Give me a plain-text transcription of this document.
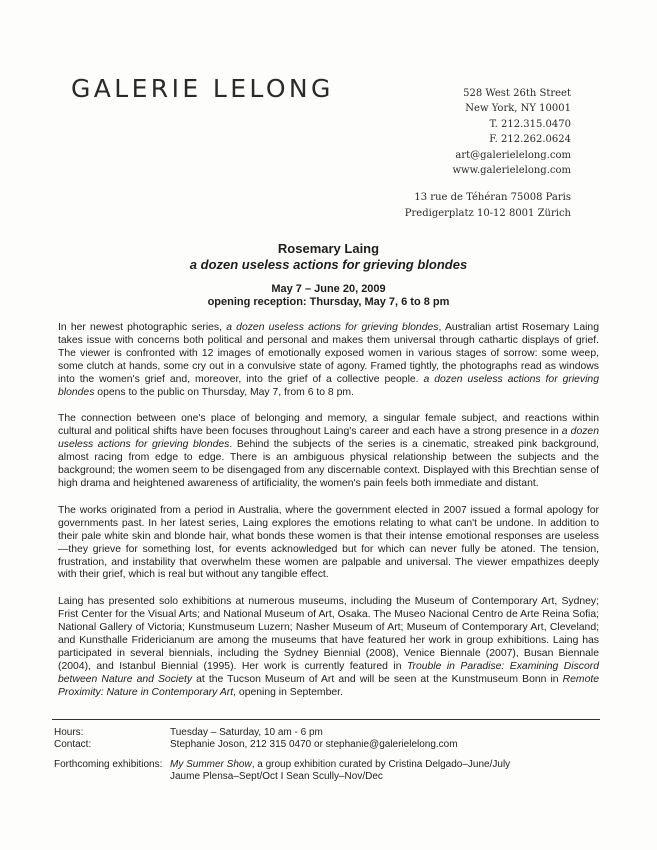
GALERIE LELONG	528 West 26th Street
New York, NY 10001
T. 212.315.0470
F. 212.262.0624
art@galerielelong.com
www.galerielelong.com
13 rue de Téhéran 75008 Paris
Predigerplatz 10-12 8001 Zürich
Rosemary Laing
a dozen useless actions for grieving blondes
May 7 – June 20, 2009
opening reception: Thursday, May 7, 6 to 8 pm

In her newest photographic series, a dozen useless actions for grieving blondes, Australian artist Rosemary Laing takes issue with concerns both political and personal and makes them universal through cathartic displays of grief. The viewer is confronted with 12 images of emotionally exposed women in various stages of sorrow: some weep, some clutch at hands, some cry out in a convulsive state of agony. Framed tightly, the photographs read as windows into the women's grief and, moreover, into the grief of a collective people. a dozen useless actions for grieving blondes opens to the public on Thursday, May 7, from 6 to 8 pm.

The connection between one's place of belonging and memory, a singular female subject, and reactions within cultural and political shifts have been focuses throughout Laing's career and each have a strong presence in a dozen useless actions for grieving blondes. Behind the subjects of the series is a cinematic, streaked pink background, almost racing from edge to edge. There is an ambiguous physical relationship between the subjects and the background; the women seem to be disengaged from any discernable context. Displayed with this Brechtian sense of high drama and heightened awareness of artificiality, the women's pain feels both immediate and distant.

The works originated from a period in Australia, where the government elected in 2007 issued a formal apology for governments past. In her latest series, Laing explores the emotions relating to what can't be undone. In addition to their pale white skin and blonde hair, what bonds these women is that their intense emotional responses are useless—they grieve for something lost, for events acknowledged but for which can never fully be atoned. The tension, frustration, and instability that overwhelm these women are palpable and universal. The viewer empathizes deeply with their grief, which is real but without any tangible effect.

Laing has presented solo exhibitions at numerous museums, including the Museum of Contemporary Art, Sydney; Frist Center for the Visual Arts; and National Museum of Art, Osaka. The Museo Nacional Centro de Arte Reina Sofia; National Gallery of Victoria; Kunstmuseum Luzern; Nasher Museum of Art; Museum of Contemporary Art, Cleveland; and Kunsthalle Fridericianum are among the museums that have featured her work in group exhibitions. Laing has participated in several biennials, including the Sydney Biennial (2008), Venice Biennale (2007), Busan Biennale (2004), and Istanbul Biennial (1995). Her work is currently featured in Trouble in Paradise: Examining Discord between Nature and Society at the Tucson Museum of Art and will be seen at the Kunstmuseum Bonn in Remote Proximity: Nature in Contemporary Art, opening in September.

Hours:	Tuesday – Saturday, 10 am - 6 pm
Contact:	Stephanie Joson, 212 315 0470 or stephanie@galerielelong.com
Forthcoming exhibitions: My Summer Show, a group exhibition curated by Cristina Delgado–June/July
Jaume Plensa–Sept/Oct I Sean Scully–Nov/Dec
